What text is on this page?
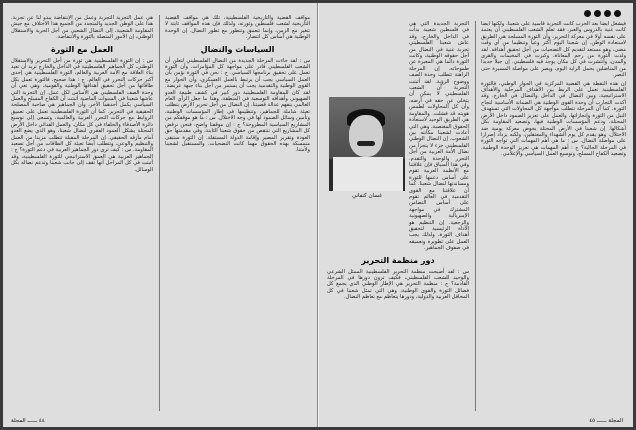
هي عمل التجربة التجربة وعمل من الإنتفاضة يبدو لنا عن تجربة. هذا على الوطن الجديد والمتجدد من الجميع هذا الاختلاف مع جيش المقاومة الشعبية، إلى النضال الشعبي من أجل الحرية والاستقلال الوطني، إن الأمور المتصلة بالثورة والانتفاضة.

العمل مع الثورة

س : إن الثورة الفلسطينية هي ثورة من أجل التحرير والاستقلال الوطني، كل الجماهير الفلسطينية في الداخل والخارج تريد أن تعيد بناء العلاقة مع الأمة العربية والعالم، الثورة الفلسطينية هي إحدى أكبر حركات التحرر في العالم. ج : هذا صحيح، فالثورة تعمل بكل طاقاتها من أجل تحقيق أهدافها الوطنية والقومية، وهي تعي أن وحدة الصف الفلسطيني هي الأساس لكل عمل. إن التجربة التي عاشها شعبنا في السنوات الماضية أثبتت أن الكفاح المسلح والعمل السياسي يكمل أحدهما الآخر، وأن الجماهير هي صاحبة المصلحة الحقيقية في التحرير. كما أن الثورة الفلسطينية تعمل على تعميق الروابط مع حركات التحرر العربية والعالمية، وتسعى إلى توسيع دائرة الأصدقاء والحلفاء في كل مكان. والعمل الفدائي داخل الأرض المحتلة يشكل العمود الفقري لنضال شعبنا، وهو الذي يضع العدو أمام مأزقه الحقيقي. إن المرحلة المقبلة تتطلب مزيدا من العمل والتنظيم والوعي، وتتطلب أيضا تعبئة كل الطاقات من أجل تصعيد المقاومة. س : كيف ترى دور الجماهير العربية في دعم الثورة؟ ج : الجماهير العربية هي العمق الاستراتيجي للثورة الفلسطينية، وقد أثبتت في كل المراحل أنها تقف إلى جانب شعبنا وتدعم نضاله بكل الوسائل.

مواقف القضية والتاريخية الفلسطينية، تلك هي مواقف القضية التاريخية لشعب فلسطين وثورته، ولذلك فإن هذه المواقف ثابتة لا تتغير مع الزمن، وإنما تتعمق وتتطور مع تطور النضال. إن الوحدة الوطنية هي أساس كل انتصار.

السياسات والنضال

س : لقد جاءت المرحلة الجديدة من النضال الفلسطيني لتعلن أن الشعب الفلسطيني قادر على مواجهة كل المؤامرات، وأن الثورة تعمل على تحقيق برنامجها السياسي. ج : نحن في الثورة نؤمن بأن العمل السياسي يجب أن يرتبط بالعمل العسكري، وأن الحوار مع القوى الوطنية والتقدمية يجب أن يستمر من أجل بناء جبهة عريضة. لقد كان للمقاومة الفلسطينية دور كبير في كشف طبيعة العدو الصهيوني وأهدافه التوسعية في المنطقة، وهذا ما جعل الرأي العام العالمي يتفهم عدالة قضيتنا. إن النضال من أجل تحرير الأرض يتطلب تعبئة شاملة للجماهير، وتنظيمها في إطار المؤسسات الوطنية، وتأمين وسائل الصمود لها في وجه الاحتلال. س : ما هو موقفكم من المشاريع السياسية المطروحة؟ ج : إن موقفنا واضح، فنحن نرفض كل المشاريع التي تنتقص من حقوق شعبنا الثابتة، وفي مقدمتها حق العودة وتقرير المصير وإقامة الدولة المستقلة. إن الثورة ستبقى متمسكة بهذه الحقوق مهما كانت التضحيات، والمستقبل لشعبنا ولأمتنا.

٤٤ ــــــ المجلة

التجربة الجديدة التي هي في فلسطين شعبية بدأت في الداخل والخارج، وقد عاش شعبنا الفلسطيني تجربة غنية في النضال من أجل حقوقه الوطنية، وكانت الثورة دائما هي المعبرة عن طموحاته. إن المرحلة الراهنة تتطلب وحدة الصف ووضوح الرؤية. لقد أثبتت التجربة أن الشعب الفلسطيني لا يمكن أن يتخلى عن حقه في أرضه، وأن كل المحاولات لطمس هويته قد فشلت. والمقاومة هي الطريق الوحيد لاستعادة الحقوق المغتصبة، وهي التي أعادت لشعبنا مكانته بين الشعوب. إن النضال الوطني الفلسطيني جزء لا يتجزأ من نضال الأمة العربية من أجل التحرر والوحدة والتقدم. وفي هذا السياق فإن علاقتنا مع الأنظمة العربية تقوم على أساس دعمها للثورة ومساندتها لنضال شعبنا. كما أن علاقتنا مع القوى التقدمية في العالم تقوم على أساس التضامن المشترك في مواجهة الإمبريالية والصهيونية والرجعية. إن التنظيم هو الأداة الرئيسية لتحقيق أهداف الثورة، ولذلك يجب العمل على تطويره وتعميقه في صفوف الجماهير.

دور منظمة التحرير

س : لقد أصبحت منظمة التحرير الفلسطينية الممثل الشرعي والوحيد للشعب الفلسطيني، فكيف ترون دورها في المرحلة القادمة؟ ج : منظمة التحرير هي الإطار الوطني الذي يجمع كل فصائل الثورة والقوى الوطنية، وهي التي تمثل شعبنا في كل المحافل العربية والدولية، ودورها يتعاظم مع تعاظم النضال.

غسان كنفاني

فيشغل أيضا بعد الحرب كانت التجربة قاسية على شعبنا، ولكنها أيضا كانت غنية بالدروس والعبر، فقد تعلم الشعب الفلسطيني أن يعتمد على نفسه أولا في معركة التحرير، وأن الثورة المسلحة هي الطريق لاستعادة الوطن. إن شعبنا اليوم أكثر وعيا وتنظيما من أي وقت مضى، وهو مستعد لتقديم كل التضحيات من أجل تحقيق أهدافه. لقد ولدت الثورة من رحم المعاناة، وكبرت في المخيمات والقرى والمدن، وانتشرت في كل مكان يوجد فيه فلسطيني. إن جيلا جديدا من المناضلين يحمل الراية اليوم، ويصر على مواصلة المسيرة حتى النصر.

إن هذه النقطة هي القضية المركزية في الحوار الوطني، فالثورة الفلسطينية تعمل على الربط بين الأهداف المرحلية والأهداف الاستراتيجية، وبين النضال في الداخل والنضال في الخارج. وقد أكدت التجارب أن وحدة القوى الوطنية هي الضمانة الأساسية لنجاح الثورة. كما أن المرحلة تتطلب مواجهة كل المحاولات التي تستهدف النيل من الثورة وإنجازاتها، والعمل على تعزيز الصمود داخل الأرض المحتلة، ودعم المؤسسات الوطنية فيها، وتصعيد المقاومة بكل أشكالها. إن شعبنا في الأرض المحتلة يخوض معركة يومية ضد الاحتلال، وهو يقدم كل يوم الشهداء والمعتقلين، ولكنه يزداد إصرارا على مواصلة النضال. س : ما هي أهم المهمات التي تواجه الثورة في المرحلة الحالية؟ ج : أهم المهمات هي تعزيز الوحدة الوطنية، وتصعيد الكفاح المسلح، وتوسيع العمل السياسي والإعلامي.

المجلة ــــــ ٤٥
